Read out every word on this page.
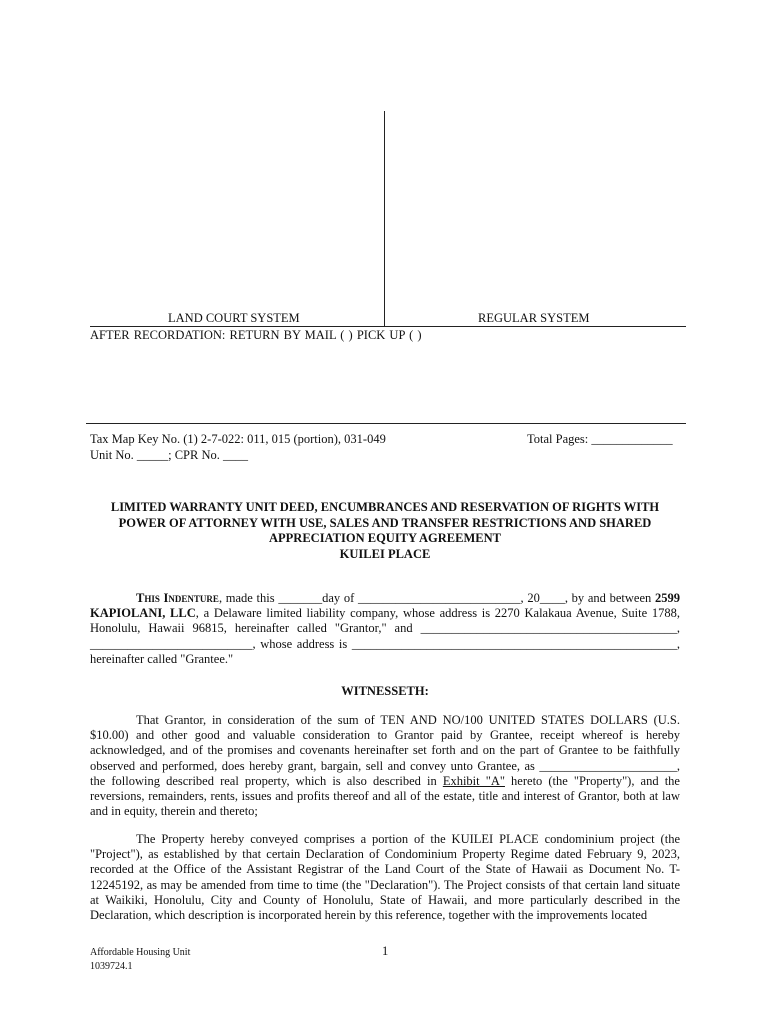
LAND COURT SYSTEM	REGULAR SYSTEM
AFTER RECORDATION: RETURN BY MAIL ( ) PICK UP ( )
Tax Map Key No. (1) 2-7-022: 011, 015 (portion), 031-049
Unit No. _____; CPR No. ____
Total Pages: _____________
LIMITED WARRANTY UNIT DEED, ENCUMBRANCES AND RESERVATION OF RIGHTS WITH
POWER OF ATTORNEY WITH USE, SALES AND TRANSFER RESTRICTIONS AND SHARED
APPRECIATION EQUITY AGREEMENT
KUILEI PLACE
This Indenture, made this _______day of __________________________, 20____, by and between 2599 KAPIOLANI, LLC, a Delaware limited liability company, whose address is 2270 Kalakaua Avenue, Suite 1788, Honolulu, Hawaii 96815, hereinafter called "Grantor," and _________________________________________, __________________________, whose address is ____________________________________________________, hereinafter called "Grantee."
WITNESSETH:
That Grantor, in consideration of the sum of TEN AND NO/100 UNITED STATES DOLLARS (U.S. $10.00) and other good and valuable consideration to Grantor paid by Grantee, receipt whereof is hereby acknowledged, and of the promises and covenants hereinafter set forth and on the part of Grantee to be faithfully observed and performed, does hereby grant, bargain, sell and convey unto Grantee, as ______________________, the following described real property, which is also described in Exhibit "A" hereto (the "Property"), and the reversions, remainders, rents, issues and profits thereof and all of the estate, title and interest of Grantor, both at law and in equity, therein and thereto;
The Property hereby conveyed comprises a portion of the KUILEI PLACE condominium project (the "Project"), as established by that certain Declaration of Condominium Property Regime dated February 9, 2023, recorded at the Office of the Assistant Registrar of the Land Court of the State of Hawaii as Document No. T-12245192, as may be amended from time to time (the "Declaration"). The Project consists of that certain land situate at Waikiki, Honolulu, City and County of Honolulu, State of Hawaii, and more particularly described in the Declaration, which description is incorporated herein by this reference, together with the improvements located
Affordable Housing Unit
1039724.1
1
